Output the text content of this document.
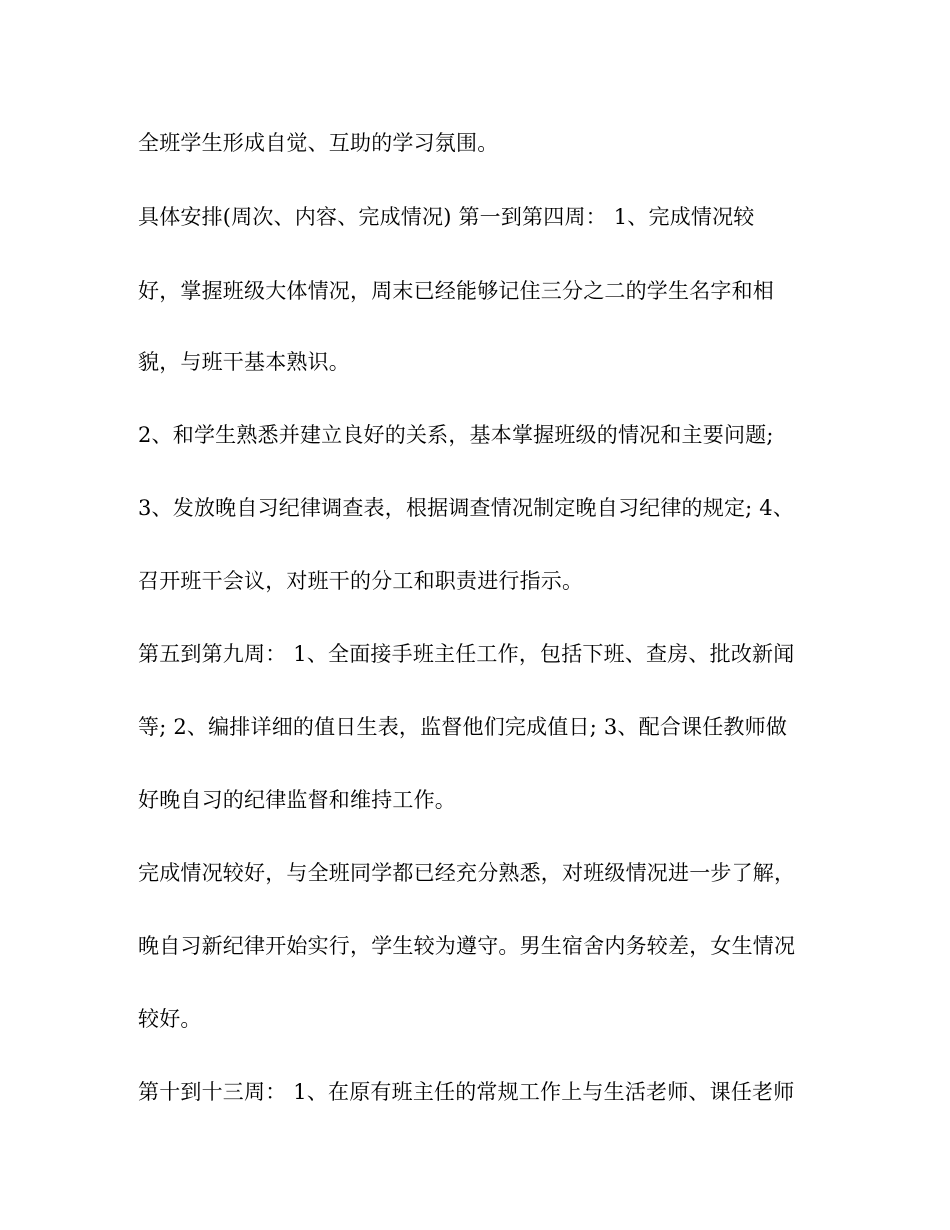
全班学生形成自觉、互助的学习氛围。
具体安排(周次、内容、完成情况) 第一到第四周： 1、完成情况较
好，掌握班级大体情况，周末已经能够记住三分之二的学生名字和相
貌，与班干基本熟识。
2、和学生熟悉并建立良好的关系，基本掌握班级的情况和主要问题;
3、发放晚自习纪律调查表，根据调查情况制定晚自习纪律的规定; 4、
召开班干会议，对班干的分工和职责进行指示。
第五到第九周： 1、全面接手班主任工作，包括下班、查房、批改新闻
等; 2、编排详细的值日生表，监督他们完成值日; 3、配合课任教师做
好晚自习的纪律监督和维持工作。
完成情况较好，与全班同学都已经充分熟悉，对班级情况进一步了解，
晚自习新纪律开始实行，学生较为遵守。男生宿舍内务较差，女生情况
较好。
第十到十三周： 1、在原有班主任的常规工作上与生活老师、课任老师
